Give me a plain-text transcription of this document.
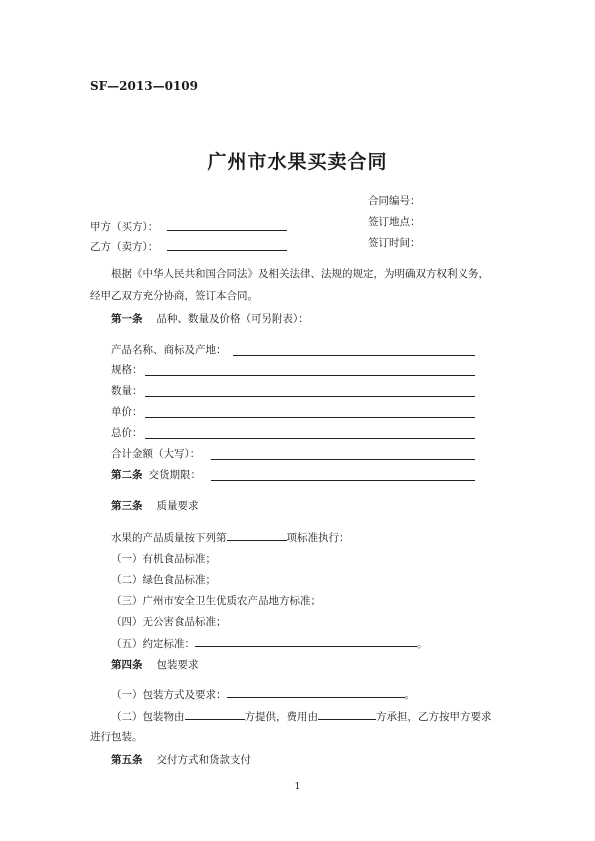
SF—2013—0109
广州市水果买卖合同
合同编号：
签订地点：
签订时间：
甲方（买方）：
乙方（卖方）：
根据《中华人民共和国合同法》及相关法律、法规的规定，为明确双方权利义务，
经甲乙双方充分协商，签订本合同。
第一条 品种、数量及价格（可另附表）：
产品名称、商标及产地：
规格：
数量：
单价：
总价：
合计金额（大写）：
第二条 交货期限：
第三条 质量要求
水果的产品质量按下列第	项标准执行：
（一）有机食品标准；
（二）绿色食品标准；
（三）广州市安全卫生优质农产品地方标准；
（四）无公害食品标准；
（五）约定标准：	。
第四条 包装要求
（一）包装方式及要求：	。
（二）包装物由	方提供，费用由	方承担，乙方按甲方要求
进行包装。
第五条 交付方式和货款支付
1
